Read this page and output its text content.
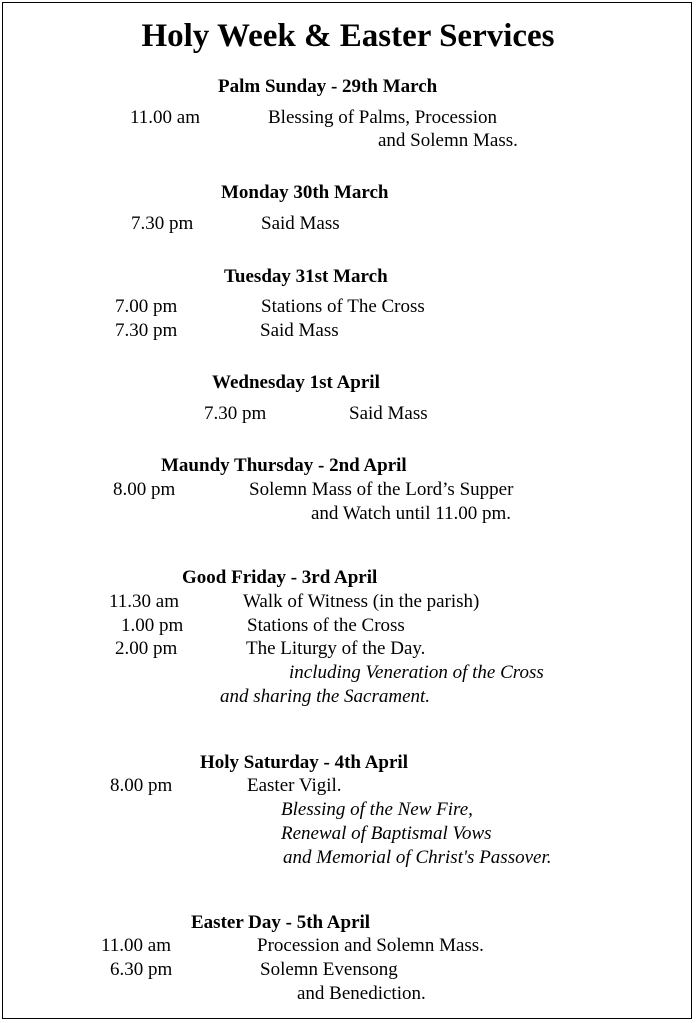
Holy Week & Easter Services
Palm Sunday - 29th March
11.00 am	Blessing of Palms, Procession
and Solemn Mass.
Monday 30th March
7.30 pm	Said Mass
Tuesday 31st March
7.00 pm	Stations of The Cross
7.30 pm	Said Mass
Wednesday 1st April
7.30 pm	Said Mass
Maundy Thursday - 2nd April
8.00 pm	Solemn Mass of the Lord’s Supper
and Watch until 11.00 pm.
Good Friday - 3rd April
11.30 am	Walk of Witness (in the parish)
1.00 pm	Stations of the Cross
2.00 pm	The Liturgy of the Day.
including Veneration of the Cross
and sharing the Sacrament.
Holy Saturday - 4th April
8.00 pm	Easter Vigil.
Blessing of the New Fire,
Renewal of Baptismal Vows
and Memorial of Christ's Passover.
Easter Day - 5th April
11.00 am	Procession and Solemn Mass.
6.30 pm	Solemn Evensong
and Benediction.
